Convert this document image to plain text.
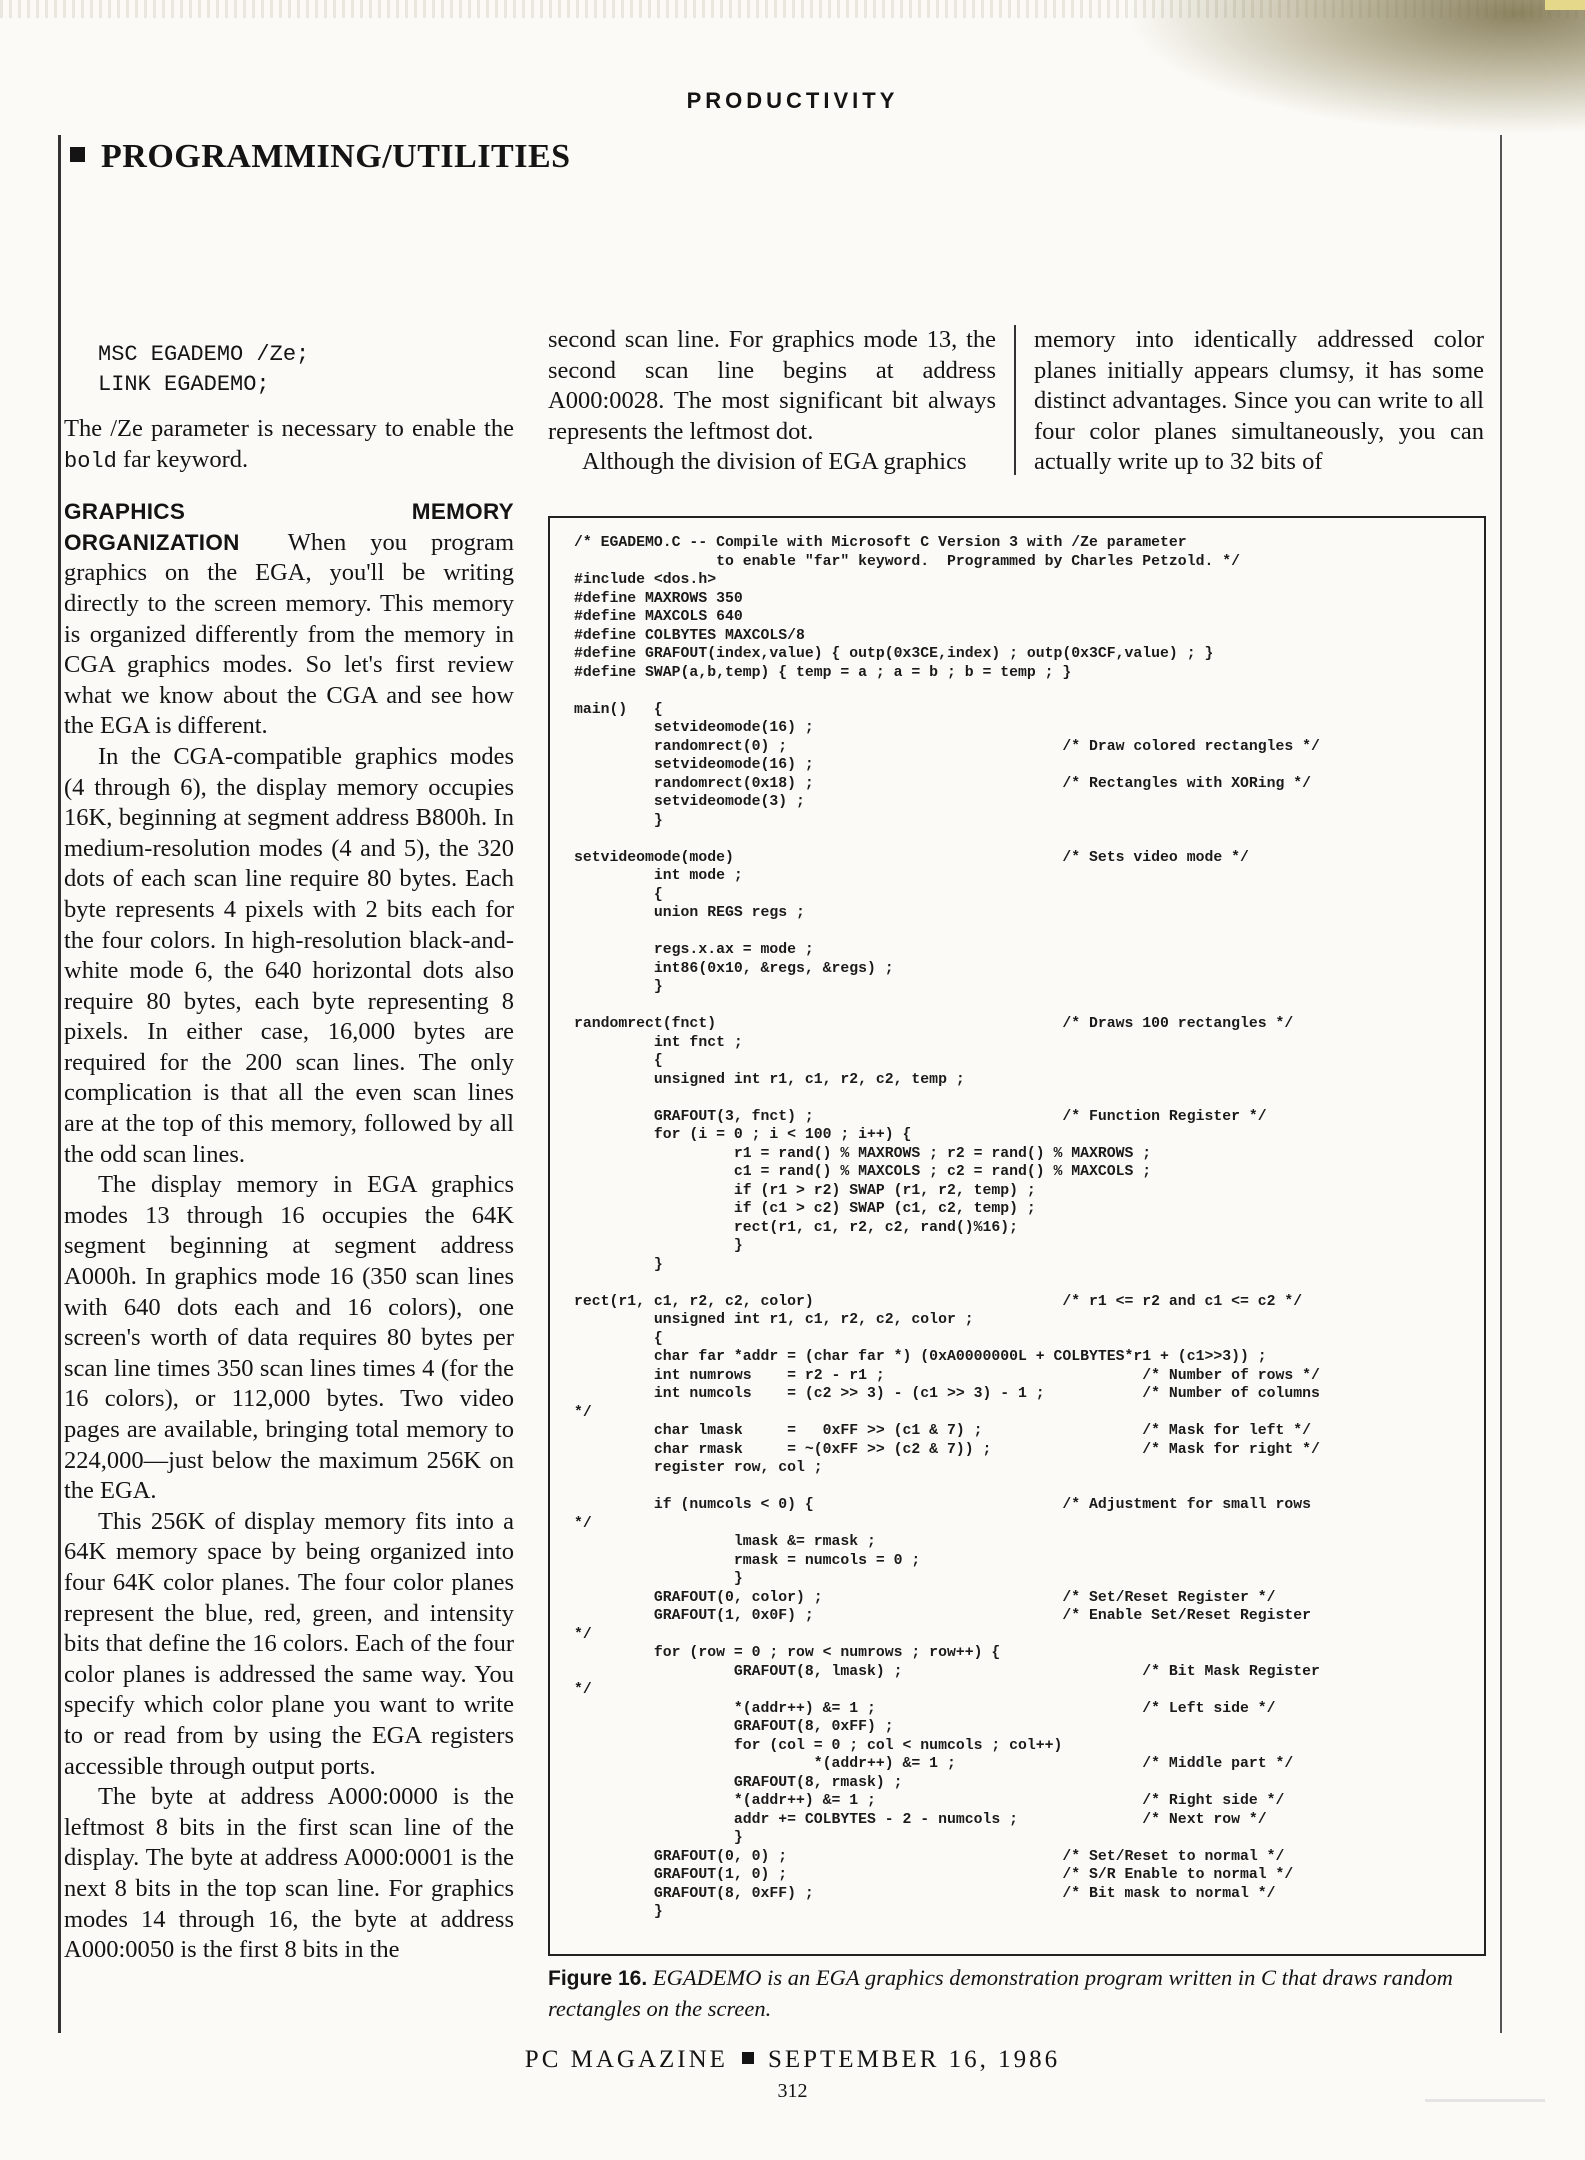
PRODUCTIVITY
PROGRAMMING/UTILITIES
MSC EGADEMO /Ze;
LINK EGADEMO;

The /Ze parameter is necessary to enable the bold far keyword.

GRAPHICS MEMORY ORGANIZATION When you program graphics on the EGA, you'll be writing directly to the screen memory. This memory is organized differently from the memory in CGA graphics modes. So let's first review what we know about the CGA and see how the EGA is different.

In the CGA-compatible graphics modes (4 through 6), the display memory occupies 16K, beginning at segment address B800h. In medium-resolution modes (4 and 5), the 320 dots of each scan line require 80 bytes. Each byte represents 4 pixels with 2 bits each for the four colors. In high-resolution black-and-white mode 6, the 640 horizontal dots also require 80 bytes, each byte representing 8 pixels. In either case, 16,000 bytes are required for the 200 scan lines. The only complication is that all the even scan lines are at the top of this memory, followed by all the odd scan lines.

The display memory in EGA graphics modes 13 through 16 occupies the 64K segment beginning at segment address A000h. In graphics mode 16 (350 scan lines with 640 dots each and 16 colors), one screen's worth of data requires 80 bytes per scan line times 350 scan lines times 4 (for the 16 colors), or 112,000 bytes. Two video pages are available, bringing total memory to 224,000—just below the maximum 256K on the EGA.

This 256K of display memory fits into a 64K memory space by being organized into four 64K color planes. The four color planes represent the blue, red, green, and intensity bits that define the 16 colors. Each of the four color planes is addressed the same way. You specify which color plane you want to write to or read from by using the EGA registers accessible through output ports.

The byte at address A000:0000 is the leftmost 8 bits in the first scan line of the display. The byte at address A000:0001 is the next 8 bits in the top scan line. For graphics modes 14 through 16, the byte at address A000:0050 is the first 8 bits in the

second scan line. For graphics mode 13, the second scan line begins at address A000:0028. The most significant bit always represents the leftmost dot.

Although the division of EGA graphics

memory into identically addressed color planes initially appears clumsy, it has some distinct advantages. Since you can write to all four color planes simultaneously, you can actually write up to 32 bits of

/* EGADEMO.C -- Compile with Microsoft C Version 3 with /Ze parameter
to enable "far" keyword.  Programmed by Charles Petzold. */
#include <dos.h>
#define MAXROWS 350
#define MAXCOLS 640
#define COLBYTES MAXCOLS/8
#define GRAFOUT(index,value) { outp(0x3CE,index) ; outp(0x3CF,value) ; }
#define SWAP(a,b,temp) { temp = a ; a = b ; b = temp ; }

main()   {
setvideomode(16) ;
randomrect(0) ;                               /* Draw colored rectangles */
setvideomode(16) ;
randomrect(0x18) ;                            /* Rectangles with XORing */
setvideomode(3) ;
}

setvideomode(mode)                                     /* Sets video mode */
int mode ;
{
union REGS regs ;

regs.x.ax = mode ;
int86(0x10, &regs, &regs) ;
}

randomrect(fnct)                                       /* Draws 100 rectangles */
int fnct ;
{
unsigned int r1, c1, r2, c2, temp ;

GRAFOUT(3, fnct) ;                            /* Function Register */
for (i = 0 ; i < 100 ; i++) {
r1 = rand() % MAXROWS ; r2 = rand() % MAXROWS ;
c1 = rand() % MAXCOLS ; c2 = rand() % MAXCOLS ;
if (r1 > r2) SWAP (r1, r2, temp) ;
if (c1 > c2) SWAP (c1, c2, temp) ;
rect(r1, c1, r2, c2, rand()%16);
}
}

rect(r1, c1, r2, c2, color)                            /* r1 <= r2 and c1 <= c2 */
unsigned int r1, c1, r2, c2, color ;
{
char far *addr = (char far *) (0xA0000000L + COLBYTES*r1 + (c1>>3)) ;
int numrows    = r2 - r1 ;                             /* Number of rows */
int numcols    = (c2 >> 3) - (c1 >> 3) - 1 ;           /* Number of columns
*/
char lmask     =   0xFF >> (c1 & 7) ;                  /* Mask for left */
char rmask     = ~(0xFF >> (c2 & 7)) ;                 /* Mask for right */
register row, col ;

if (numcols < 0) {                            /* Adjustment for small rows
*/
lmask &= rmask ;
rmask = numcols = 0 ;
}
GRAFOUT(0, color) ;                           /* Set/Reset Register */
GRAFOUT(1, 0x0F) ;                            /* Enable Set/Reset Register
*/
for (row = 0 ; row < numrows ; row++) {
GRAFOUT(8, lmask) ;                           /* Bit Mask Register
*/
*(addr++) &= 1 ;                              /* Left side */
GRAFOUT(8, 0xFF) ;
for (col = 0 ; col < numcols ; col++)
*(addr++) &= 1 ;                     /* Middle part */
GRAFOUT(8, rmask) ;
*(addr++) &= 1 ;                              /* Right side */
addr += COLBYTES - 2 - numcols ;              /* Next row */
}
GRAFOUT(0, 0) ;                               /* Set/Reset to normal */
GRAFOUT(1, 0) ;                               /* S/R Enable to normal */
GRAFOUT(8, 0xFF) ;                            /* Bit mask to normal */
}
Figure 16. EGADEMO is an EGA graphics demonstration program written in C that draws random rectangles on the screen.
PC MAGAZINE SEPTEMBER 16, 1986
312
